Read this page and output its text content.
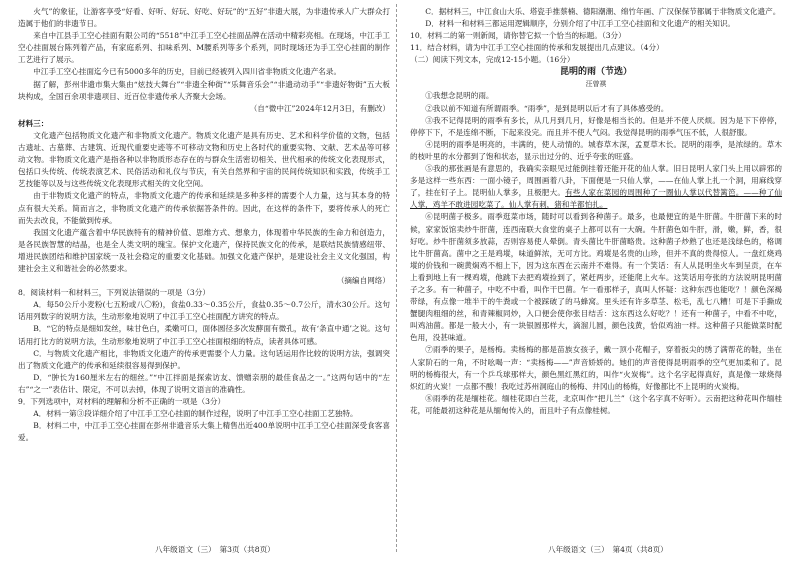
火气”的象征，让游客享受“好看、好听、好玩、好吃、好玩”的“五好”非遗大展，为非遗传承人广大群众打造属于他们的非遗节日。

来自中江县手工空心挂面有限公司的“5518”中江手工空心挂面品牌在活动中精彩亮相。在现场，中江手工空心挂面展台陈列着产品，有家庭系列、扣味系列、M腰系列等多个系列，同时现场还为手工空心挂面的制作工艺进行了展示。

中江手工空心挂面迄今已有5000多年的历史，目前已经被列入四川省非物质文化遗产名录。

据了解，彭州非遗市集大集由“炫技大舞台”“非遗全种街”“乐舞音乐会”“非遗动动手”“非遗好物街”五大板块构成，全国百余项非遗项目、近百位非遗传承人齐聚大会场。

（自“微中江”2024年12月3日，有删改）

材料三：

文化遗产包括物质文化遗产和非物质文化遗产。物质文化遗产是具有历史、艺术和科学价值的文物，包括古遗址、古墓葬、古建筑、近现代重要史迹等不可移动文物和历史上各时代的重要实物、文献、艺术品等可移动文物。非物质文化遗产是指各种以非物质形态存在的与群众生活密切相关、世代相承的传统文化表现形式，包括口头传统、传统表演艺术、民俗活动和礼仪与节庆，有关自然界和宇宙的民间传统知识和实践，传统手工艺技能等以及与这些传统文化表现形式相关的文化空间。

由于非物质文化遗产的特点，非物质文化遗产的传承和延续是多种多样的需要个人力量，这与其本身的特点有很大关系。简而言之，非物质文化遗产的传承依据答条件的。因此，在这样的条件下，要将传承人的死亡而失去改良，不能做到传承。

我国文化遗产蕴含着中华民族特有的精神价值、思维方式、想象力，体现着中华民族的生命力和创造力，是各民族智慧的结晶，也是全人类文明的瑰宝。保护文化遗产，保持民族文化的传承，是联结民族情感纽带、增进民族团结和维护国家统一及社会稳定的重要文化基础。加强文化遗产保护，是建设社会主义文化强国，构建社会主义和谐社会的必然要求。

（摘编自网络）

8．阅读材料一和材料三，下列说法错误的一项是（3分）

A．每50公斤小麦粉(七五粉或八〇粉)，食盐0.33～0.35公斤，食盐0.35～0.7公斤，清水30公斤。这句话用列数字的说明方法，生动形象地说明了中江手工空心挂面配方讲究的特点。

B．“它的特点是细如发丝，味甘色白，柔嫩可口，面体圆径多次发酵面有微孔，故有‘条直中通’之说。这句话用打比方的说明方法，生动形象地说明了中江手工空心挂面根细的特点，读者具体可感。

C．与物质文化遗产相比，非物质文化遗产的传承更需要个人力量。这句话运用作比较的说明方法，强调突出了物质文化遗产的传承和延续很容易得到保护。

D．“肿长为160厘米左右的细丝。”“中江拌面是探索访友、馈赠亲朋的最佳食品之一。”这两句话中的“左右”“之一”表估计、限定，不可以去掉，体现了说明文语言的准确性。

9．下列选项中，对材料的理解和分析不正确的一项是（3分）

A．材料一第③段详细介绍了中江手工空心挂面的制作过程，说明了中江手工空心挂面工艺独特。

B．材料二中，中江手工空心挂面在彭州非遗音乐大集上精售出近400单说明中江手工空心挂面深受食客喜爱。

C．据材料三，中江食山大乐、塔瓷手推蔡楠、德阳潮潮、绵竹年画、广汉保保节都属于非物质文化遗产。

D．材料一和材料三都运用逻辑顺序，分别介绍了中江手工空心挂面和文化遗产的相关知识。

10．材料二的第一则新闻，请你替它拟一个恰当的标题。（3分）

11．结合材料，请为中江手工空心挂面的传承和发展提出几点建议。（4分）

（二）阅读下列文本，完成12-15小题。（16分）

昆明的雨（节选）

汪曾祺

①我想念昆明的雨。

②我以前不知道有所谓雨季。“雨季”，是到昆明以后才有了具体感受的。

③我不记得昆明的雨季有多长，从几月到几月，好像是相当长的。但是并不使人厌烦。因为是下下停停，停停下下，不是连绵不断，下起来没完。而且并不使人气闷。我觉得昆明的雨季气压不低，人很舒服。

④昆明的雨季是明亮的，丰满的，使人动情的。城春草木深，孟夏草木长。昆明的雨季，是浓绿的。草木的枝叶里的水分都到了饱和状态，显示出过分的、近乎夸张的旺盛。

⑤我的那张画是有意思的，我确实亲眼见过能倒挂着还能开花的仙人掌。旧日昆明人家门头上用以辟邪的多是这样一些东西：一面小镜子，周围画着八卦，下面便是一只仙人掌，——在仙人掌上扎一个洞，用麻线穿了，挂在钉子上。昆明仙人掌多，且极肥大。有些人家在菜园的周围种了一圈仙人掌以代替篱笆。——种了仙人掌，鸡羊不敢进园吃菜了。仙人掌有刺，猪和羊都怕扎。

⑥昆明菌子极多。雨季逛菜市场，随时可以看到各种菌子。最多，也最便宜的是牛肝菌。牛肝菌下来的时候，家家饭馆卖炒牛肝菌，连西南联大食堂的桌子上都可以有一大碗。牛肝菌色如牛肝，滑，嫩，鲜，香，很好吃。炒牛肝菌须多放蒜，否则容易使人晕倒。青头菌比牛肝菌略贵。这种菌子炒熟了也还是浅绿色的，格调比牛肝菌高。菌中之王是鸡㙡，味道鲜浓，无可方比。鸡㙡是名贵的山珍，但并不真的贵得惊人。一盘红烧鸡㙡的价钱和一碗黄焖鸡不相上下，因为这东西在云南并不难得。有一个笑话：有人从昆明坐火车到呈贡，在车上看到地上有一棵鸡㙡，他跳下去把鸡㙡捡到了，紧赶两步，还能爬上火车。这笑话用夸张的方法说明昆明菌子之多。有一种菌子，中吃不中看，叫作干巴菌。乍一看那样子，真叫人怀疑：这种东西也能吃？！颜色深褐带绿，有点像一堆半干的牛粪或一个被踩破了的马蜂窝。里头还有许多草茎、松毛，乱七八糟！可是下手撕成蟹腿肉粗细的丝，和青辣椒同炒，入口便会使你张目结舌：这东西这么好吃？！还有一种菌子，中看不中吃，叫鸡油菌。都是一般大小，有一块银圆那样大，滴溜儿圆，颜色浅黄，恰似鸡油一样。这种菌子只能做菜时配色用，没甚味道。

⑦雨季的果子，是杨梅。卖杨梅的都是苗族女孩子，戴一顶小花帽子，穿着扳尖的绣了满帮花的鞋，坐在人家阶石的一角，不时吆喝一声：“卖杨梅——”声音娇娇的。她们的声音使得昆明雨季的空气更加柔和了。昆明的杨梅很大，有一个乒乓球那样大，颜色黑红黑红的，叫作“火炭梅”。这个名字起得真好，真是像一球烧得炽红的火炭！一点都不酸！我吃过苏州洞庭山的杨梅、井冈山的杨梅，好像都比不上昆明的火炭梅。

⑧雨季的花是缅桂花。缅桂花即白兰花，北京叫作“把儿兰”（这个名字真不好听）。云南把这种花叫作缅桂花，可能最初这种花是从缅甸传入的，而且叶子有点像桂树。

八年级语文（三）　第3页（共8页）	八年级语文（三）　第4页（共8页）
